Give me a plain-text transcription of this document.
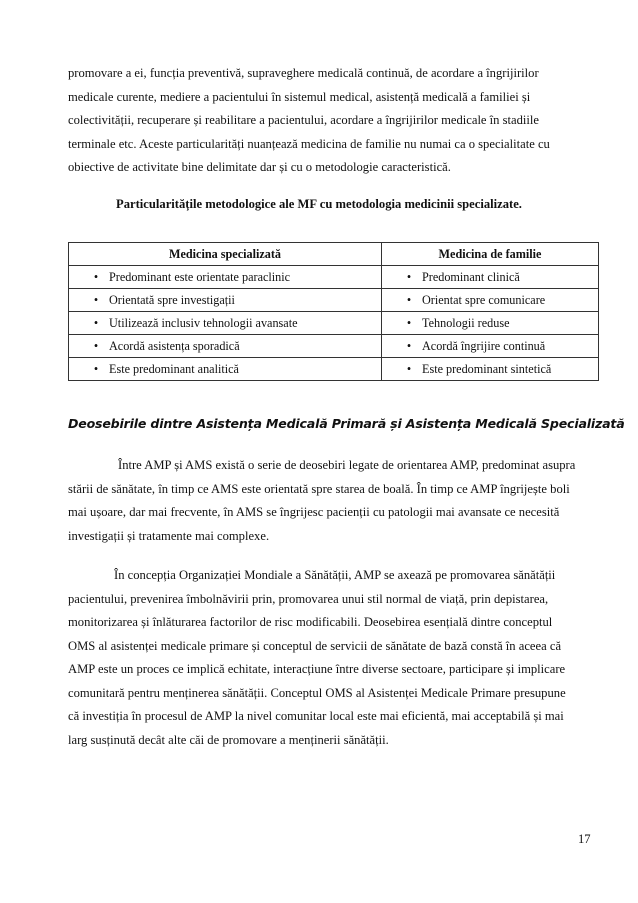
promovare a ei, funcția preventivă, supraveghere medicală continuă, de acordare a îngrijirilor
medicale curente, mediere a pacientului în sistemul medical, asistență medicală a familiei și
colectivității, recuperare și reabilitare a pacientului, acordare a îngrijirilor medicale în stadiile
terminale etc. Aceste particularități nuanțează medicina de familie nu numai ca o specialitate cu
obiective de activitate bine delimitate dar și cu o metodologie caracteristică.
Particularitățile metodologice ale MF cu metodologia medicinii specializate.
Medicina specializată	Medicina de familie
• Predominant este orientate paraclinic	• Predominant clinică
• Orientată spre investigații	• Orientat spre comunicare
• Utilizează inclusiv tehnologii avansate	• Tehnologii reduse
• Acordă asistența sporadică	• Acordă îngrijire continuă
• Este predominant analitică	• Este predominant sintetică
Deosebirile dintre Asistența Medicală Primară și Asistența Medicală Specializată
Între AMP și AMS există o serie de deosebiri legate de orientarea AMP, predominat asupra
stării de sănătate, în timp ce AMS este orientată spre starea de boală. În timp ce AMP îngrijește boli
mai ușoare, dar mai frecvente, în AMS se îngrijesc pacienții cu patologii mai avansate ce necesită
investigații și tratamente mai complexe.
În concepția Organizației Mondiale a Sănătății, AMP se axează pe promovarea sănătății
pacientului, prevenirea îmbolnăvirii prin, promovarea unui stil normal de viață, prin depistarea,
monitorizarea și înlăturarea factorilor de risc modificabili. Deosebirea esențială dintre conceptul
OMS al asistenței medicale primare și conceptul de servicii de sănătate de bază constă în aceea că
AMP este un proces ce implică echitate, interacțiune între diverse sectoare, participare și implicare
comunitară pentru menținerea sănătății. Conceptul OMS al Asistenței Medicale Primare presupune
că investiția în procesul de AMP la nivel comunitar local este mai eficientă, mai acceptabilă și mai
larg susținută decât alte căi de promovare a menținerii sănătății.
17
